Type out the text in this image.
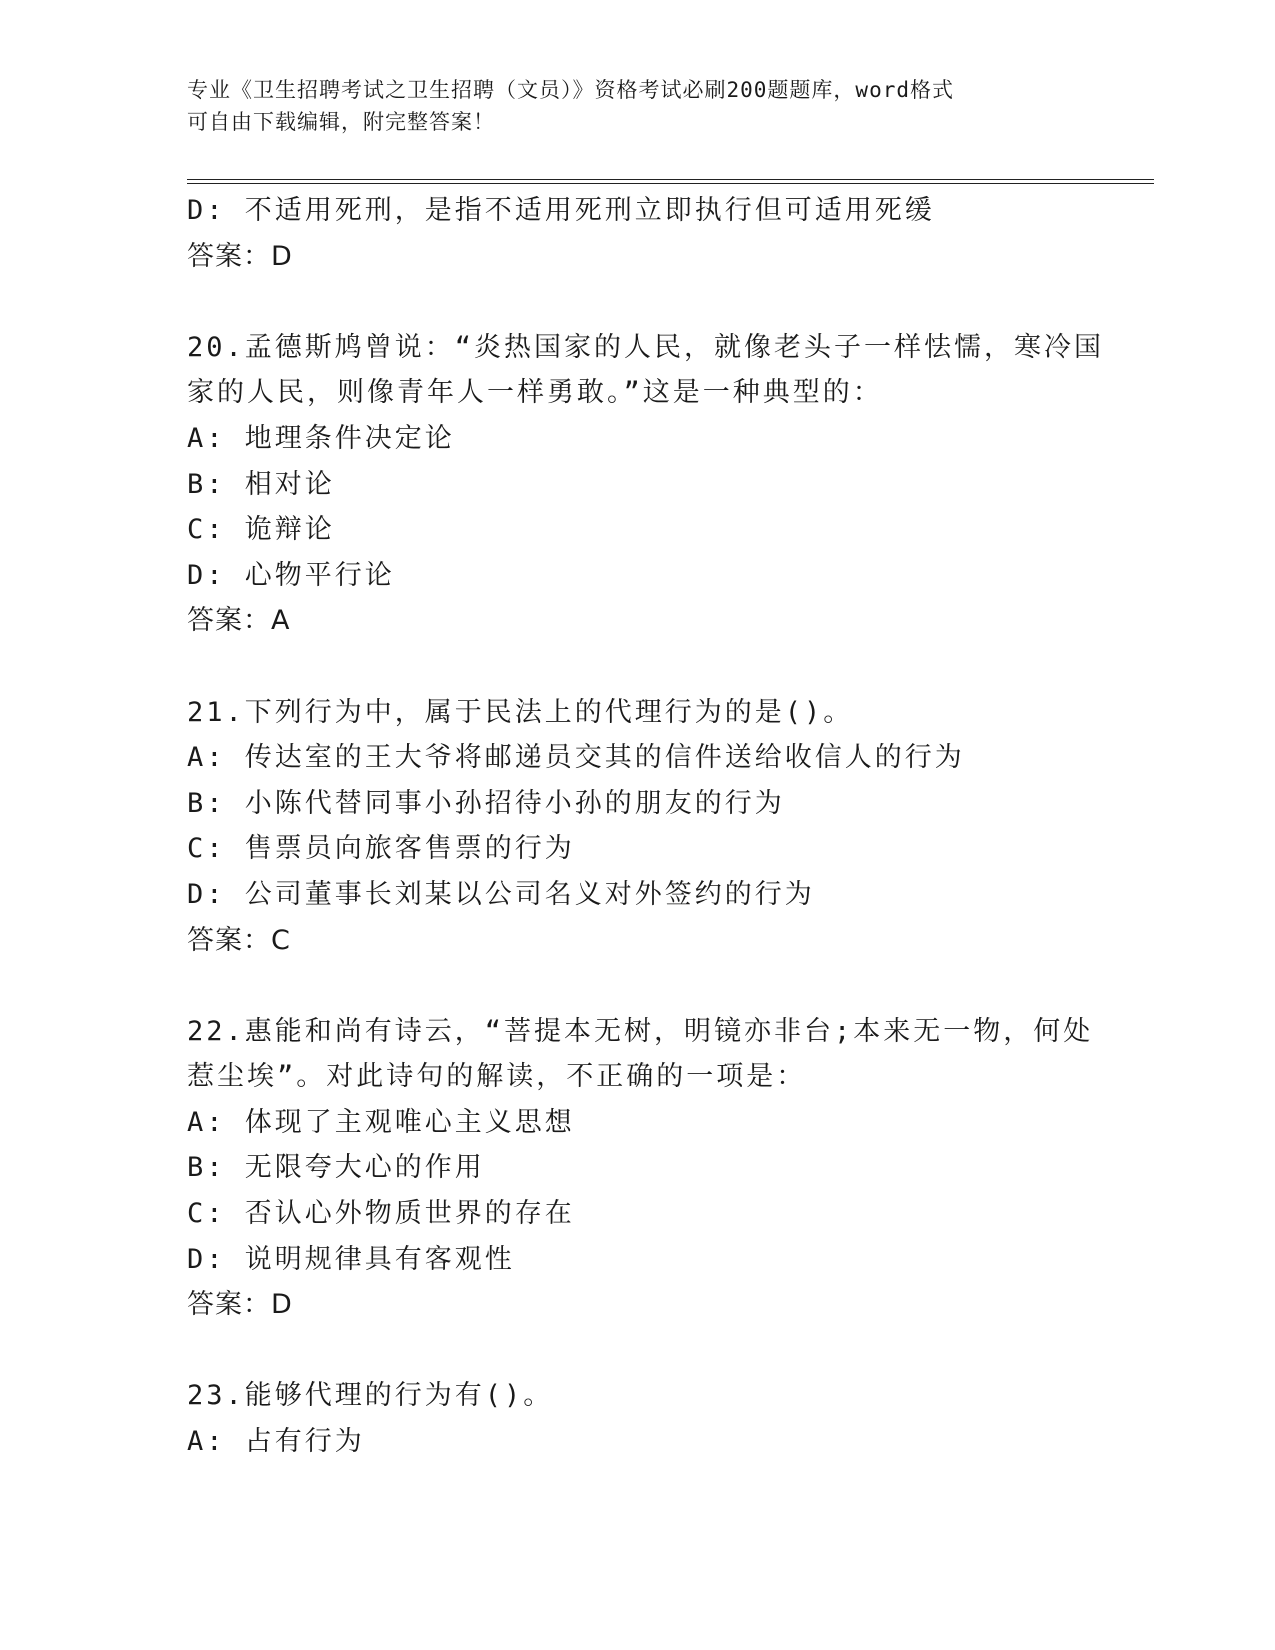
专业《卫生招聘考试之卫生招聘（文员）》资格考试必刷200题题库，word格式
可自由下载编辑，附完整答案！
D: 不适用死刑，是指不适用死刑立即执行但可适用死缓
答案：D
20.孟德斯鸠曾说：“炎热国家的人民，就像老头子一样怯懦，寒冷国
家的人民，则像青年人一样勇敢。”这是一种典型的：
A: 地理条件决定论
B: 相对论
C: 诡辩论
D: 心物平行论
答案：A
21.下列行为中，属于民法上的代理行为的是()。
A: 传达室的王大爷将邮递员交其的信件送给收信人的行为
B: 小陈代替同事小孙招待小孙的朋友的行为
C: 售票员向旅客售票的行为
D: 公司董事长刘某以公司名义对外签约的行为
答案：C
22.惠能和尚有诗云，“菩提本无树，明镜亦非台;本来无一物，何处
惹尘埃”。对此诗句的解读，不正确的一项是：
A: 体现了主观唯心主义思想
B: 无限夸大心的作用
C: 否认心外物质世界的存在
D: 说明规律具有客观性
答案：D
23.能够代理的行为有()。
A: 占有行为
